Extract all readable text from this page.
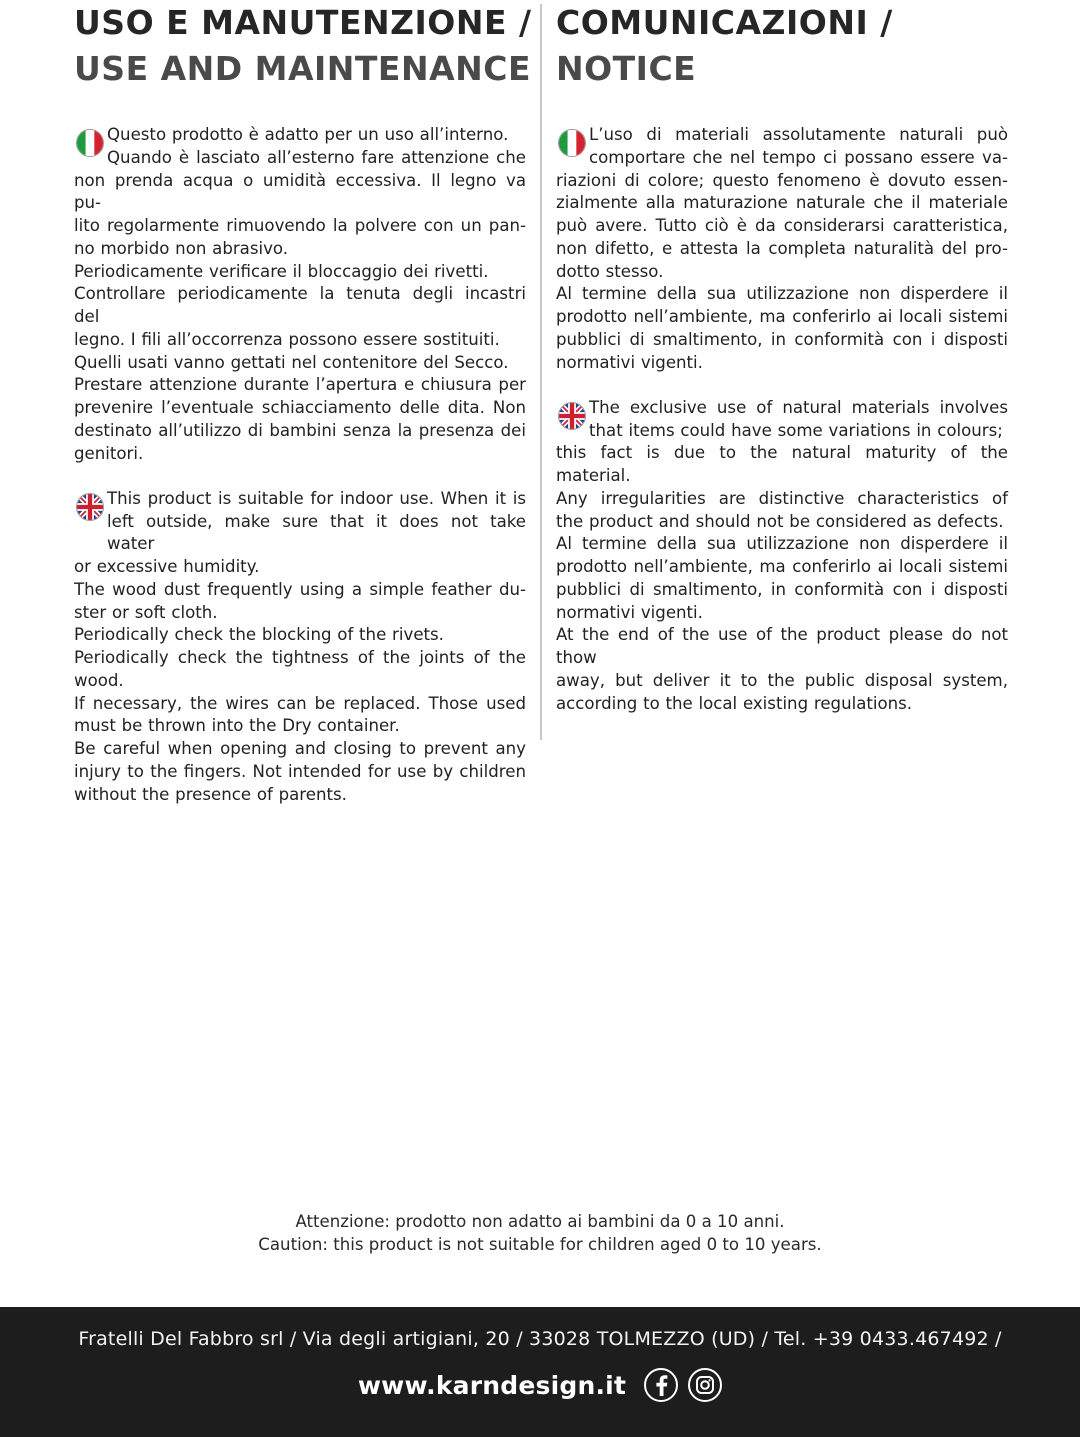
USO E MANUTENZIONE /
USE AND MAINTENANCE

Questo prodotto è adatto per un uso all’interno.
Quando è lasciato all’esterno fare attenzione che
non prenda acqua o umidità eccessiva. Il legno va pu-
lito regolarmente rimuovendo la polvere con un pan-
no morbido non abrasivo.
Periodicamente verificare il bloccaggio dei rivetti.
Controllare periodicamente la tenuta degli incastri del
legno. I fili all’occorrenza possono essere sostituiti.
Quelli usati vanno gettati nel contenitore del Secco.
Prestare attenzione durante l’apertura e chiusura per
prevenire l’eventuale schiacciamento delle dita. Non
destinato all’utilizzo di bambini senza la presenza dei
genitori.

This product is suitable for indoor use. When it is
left outside, make sure that it does not take water
or excessive humidity.
The wood dust frequently using a simple feather du-
ster or soft cloth.
Periodically check the blocking of the rivets.
Periodically check the tightness of the joints of the
wood.
If necessary, the wires can be replaced. Those used
must be thrown into the Dry container.
Be careful when opening and closing to prevent any
injury to the fingers. Not intended for use by children
without the presence of parents.

COMUNICAZIONI /
NOTICE

L’uso di materiali assolutamente naturali può
comportare che nel tempo ci possano essere va-
riazioni di colore; questo fenomeno è dovuto essen-
zialmente alla maturazione naturale che il materiale
può avere. Tutto ciò è da considerarsi caratteristica,
non difetto, e attesta la completa naturalità del pro-
dotto stesso.
Al termine della sua utilizzazione non disperdere il
prodotto nell’ambiente, ma conferirlo ai locali sistemi
pubblici di smaltimento, in conformità con i disposti
normativi vigenti.

The exclusive use of natural materials involves
that items could have some variations in colours;
this fact is due to the natural maturity of the material.
Any irregularities are distinctive characteristics of
the product and should not be considered as defects.
Al termine della sua utilizzazione non disperdere il
prodotto nell’ambiente, ma conferirlo ai locali sistemi
pubblici di smaltimento, in conformità con i disposti
normativi vigenti.
At the end of the use of the product please do not thow
away, but deliver it to the public disposal system,
according to the local existing regulations.

Attenzione: prodotto non adatto ai bambini da 0 a 10 anni.
Caution: this product is not suitable for children aged 0 to 10 years.
Fratelli Del Fabbro srl / Via degli artigiani, 20 / 33028 TOLMEZZO (UD) / Tel. +39 0433.467492 /
www.karndesign.it
